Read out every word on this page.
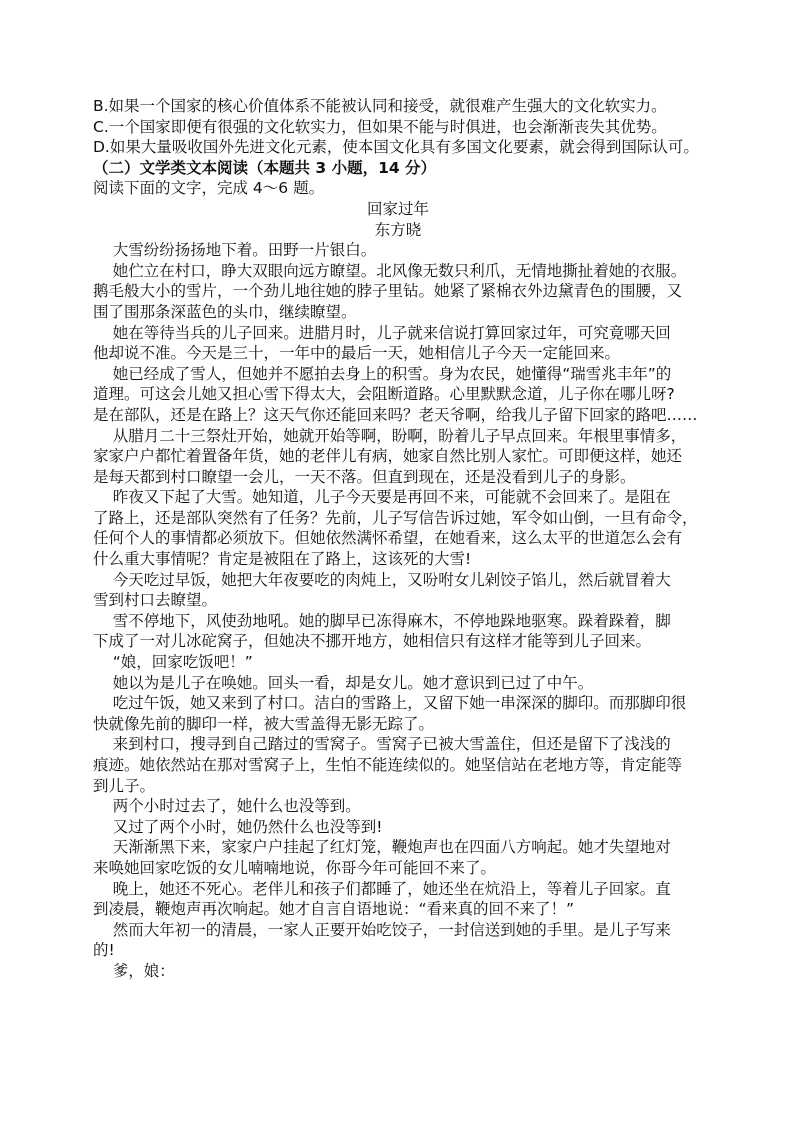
B.如果一个国家的核心价值体系不能被认同和接受，就很难产生强大的文化软实力。
C.一个国家即便有很强的文化软实力，但如果不能与时俱进，也会渐渐丧失其优势。
D.如果大量吸收国外先进文化元素，使本国文化具有多国文化要素，就会得到国际认可。
（二）文学类文本阅读（本题共 3 小题，14 分）
阅读下面的文字，完成 4～6 题。
回家过年
东方晓
大雪纷纷扬扬地下着。田野一片银白。
她伫立在村口，睁大双眼向远方瞭望。北风像无数只利爪，无情地撕扯着她的衣服。
鹅毛般大小的雪片，一个劲儿地往她的脖子里钻。她紧了紧棉衣外边黛青色的围腰，又
围了围那条深蓝色的头巾，继续瞭望。
她在等待当兵的儿子回来。进腊月时，儿子就来信说打算回家过年，可究竟哪天回
他却说不准。今天是三十，一年中的最后一天，她相信儿子今天一定能回来。
她已经成了雪人，但她并不愿拍去身上的积雪。身为农民，她懂得“瑞雪兆丰年”的
道理。可这会儿她又担心雪下得太大，会阻断道路。心里默默念道，儿子你在哪儿呀?
是在部队，还是在路上？这天气你还能回来吗？老天爷啊，给我儿子留下回家的路吧……
从腊月二十三祭灶开始，她就开始等啊，盼啊，盼着儿子早点回来。年根里事情多，
家家户户都忙着置备年货，她的老伴儿有病，她家自然比别人家忙。可即便这样，她还
是每天都到村口瞭望一会儿，一天不落。但直到现在，还是没看到儿子的身影。
昨夜又下起了大雪。她知道，儿子今天要是再回不来，可能就不会回来了。是阻在
了路上，还是部队突然有了任务？先前，儿子写信告诉过她，军令如山倒，一旦有命令，
任何个人的事情都必须放下。但她依然满怀希望，在她看来，这么太平的世道怎么会有
什么重大事情呢？肯定是被阻在了路上，这该死的大雪!
今天吃过早饭，她把大年夜要吃的肉炖上，又吩咐女儿剁饺子馅儿，然后就冒着大
雪到村口去瞭望。
雪不停地下，风使劲地吼。她的脚早已冻得麻木，不停地跺地驱寒。跺着跺着，脚
下成了一对儿冰砣窝子，但她决不挪开地方，她相信只有这样才能等到儿子回来。
“娘，回家吃饭吧！”
她以为是儿子在唤她。回头一看，却是女儿。她才意识到已过了中午。
吃过午饭，她又来到了村口。洁白的雪路上，又留下她一串深深的脚印。而那脚印很
快就像先前的脚印一样，被大雪盖得无影无踪了。
来到村口，搜寻到自己踏过的雪窝子。雪窝子已被大雪盖住，但还是留下了浅浅的
痕迹。她依然站在那对雪窝子上，生怕不能连续似的。她坚信站在老地方等，肯定能等
到儿子。
两个小时过去了，她什么也没等到。
又过了两个小时，她仍然什么也没等到!
天渐渐黑下来，家家户户挂起了红灯笼，鞭炮声也在四面八方响起。她才失望地对
来唤她回家吃饭的女儿喃喃地说，你哥今年可能回不来了。
晚上，她还不死心。老伴儿和孩子们都睡了，她还坐在炕沿上，等着儿子回家。直
到凌晨，鞭炮声再次响起。她才自言自语地说：“看来真的回不来了！”
然而大年初一的清晨，一家人正要开始吃饺子，一封信送到她的手里。是儿子写来
的!
爹，娘：
